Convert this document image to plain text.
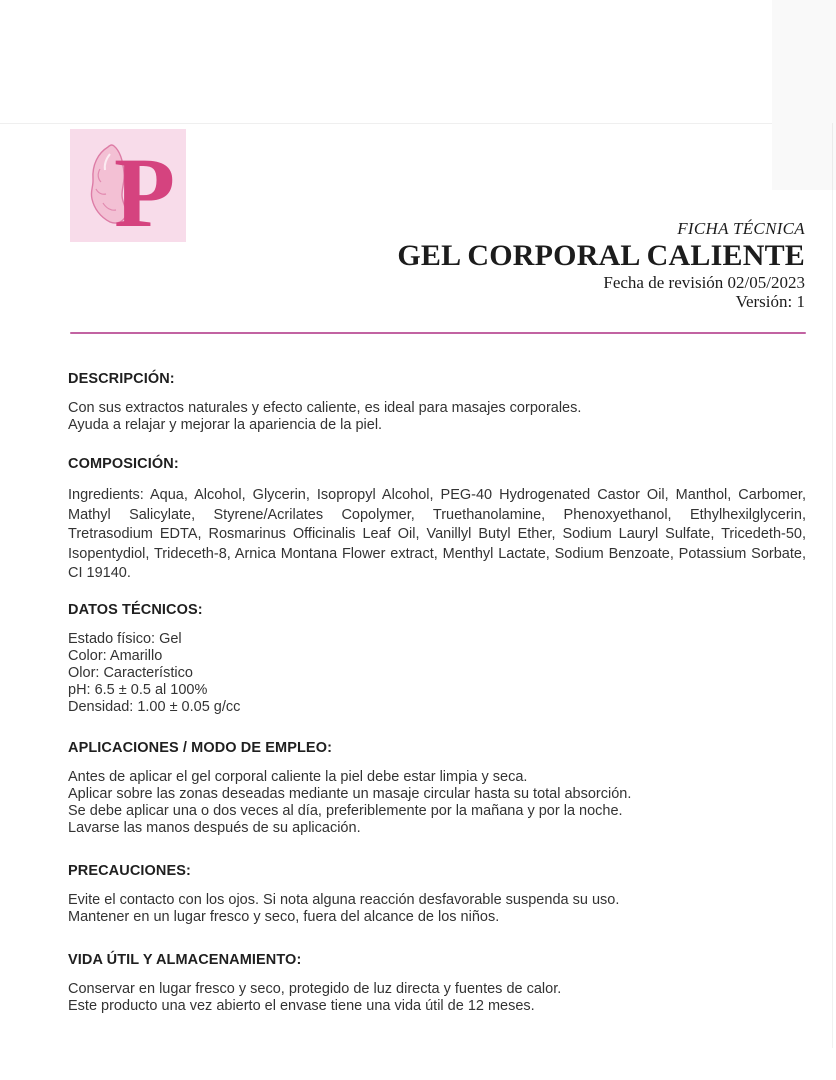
P	FICHA TÉCNICA
GEL CORPORAL CALIENTE
Fecha de revisión 02/05/2023
Versión: 1
DESCRIPCIÓN:
Con sus extractos naturales y efecto caliente, es ideal para masajes corporales.
Ayuda a relajar y mejorar la apariencia de la piel.
COMPOSICIÓN:
Ingredients: Aqua, Alcohol, Glycerin, Isopropyl Alcohol, PEG-40 Hydrogenated Castor Oil, Manthol, Carbomer, Mathyl Salicylate, Styrene/Acrilates Copolymer, Truethanolamine, Phenoxyethanol, Ethylhexilglycerin, Tretrasodium EDTA, Rosmarinus Officinalis Leaf Oil, Vanillyl Butyl Ether, Sodium Lauryl Sulfate, Tricedeth-50, Isopentydiol, Trideceth-8, Arnica Montana Flower extract, Menthyl Lactate, Sodium Benzoate, Potassium Sorbate, CI 19140.
DATOS TÉCNICOS:
Estado físico: Gel
Color: Amarillo
Olor: Característico
pH: 6.5 ± 0.5 al 100%
Densidad: 1.00 ± 0.05 g/cc
APLICACIONES / MODO DE EMPLEO:
Antes de aplicar el gel corporal caliente la piel debe estar limpia y seca.
Aplicar sobre las zonas deseadas mediante un masaje circular hasta su total absorción.
Se debe aplicar una o dos veces al día, preferiblemente por la mañana y por la noche.
Lavarse las manos después de su aplicación.
PRECAUCIONES:
Evite el contacto con los ojos. Si nota alguna reacción desfavorable suspenda su uso.
Mantener en un lugar fresco y seco, fuera del alcance de los niños.
VIDA ÚTIL Y ALMACENAMIENTO:
Conservar en lugar fresco y seco, protegido de luz directa y fuentes de calor.
Este producto una vez abierto el envase tiene una vida útil de 12 meses.
